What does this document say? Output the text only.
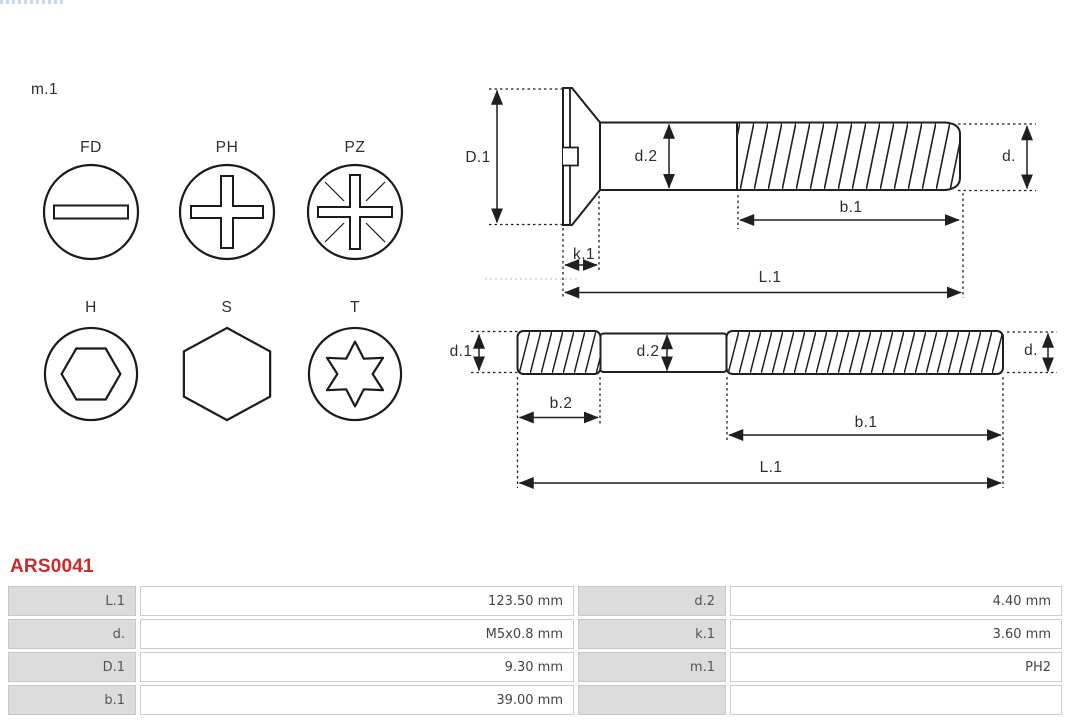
m.1
FD	PH	PZ
H	S	T
D.1	d.2	d.
b.1
k.1
L.1
d.1	d.2	d.
b.2
b.1
L.1
ARS0041
L.1	123.50 mm	d.2	4.40 mm
d.	M5x0.8 mm	k.1	3.60 mm
D.1	9.30 mm	m.1	PH2
b.1	39.00 mm
